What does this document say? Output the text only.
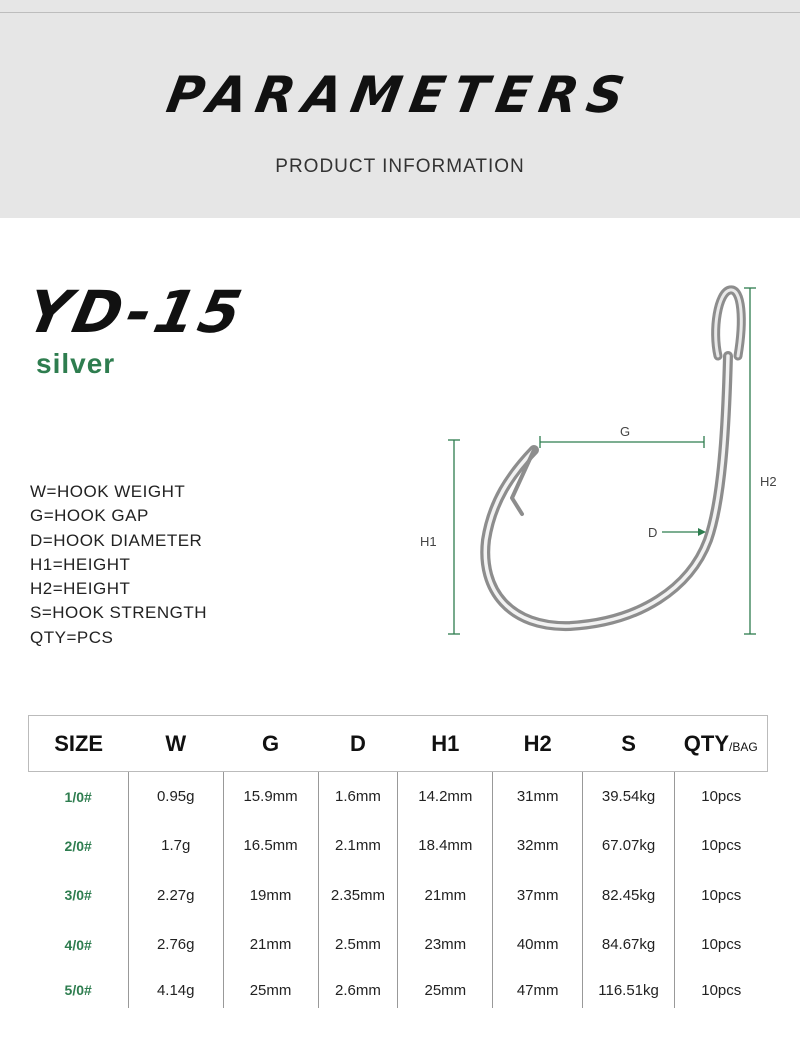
PARAMETERS
PRODUCT INFORMATION
YD-15
silver
W=HOOK WEIGHT
G=HOOK GAP
D=HOOK DIAMETER
H1=HEIGHT
H2=HEIGHT
S=HOOK STRENGTH
QTY=PCS
H1
H2
G
D
SIZE	W	G	D	H1	H2	S	QTY/BAG
1/0#	0.95g	15.9mm	1.6mm	14.2mm	31mm	39.54kg	10pcs
2/0#	1.7g	16.5mm	2.1mm	18.4mm	32mm	67.07kg	10pcs
3/0#	2.27g	19mm	2.35mm	21mm	37mm	82.45kg	10pcs
4/0#	2.76g	21mm	2.5mm	23mm	40mm	84.67kg	10pcs
5/0#	4.14g	25mm	2.6mm	25mm	47mm	116.51kg	10pcs
